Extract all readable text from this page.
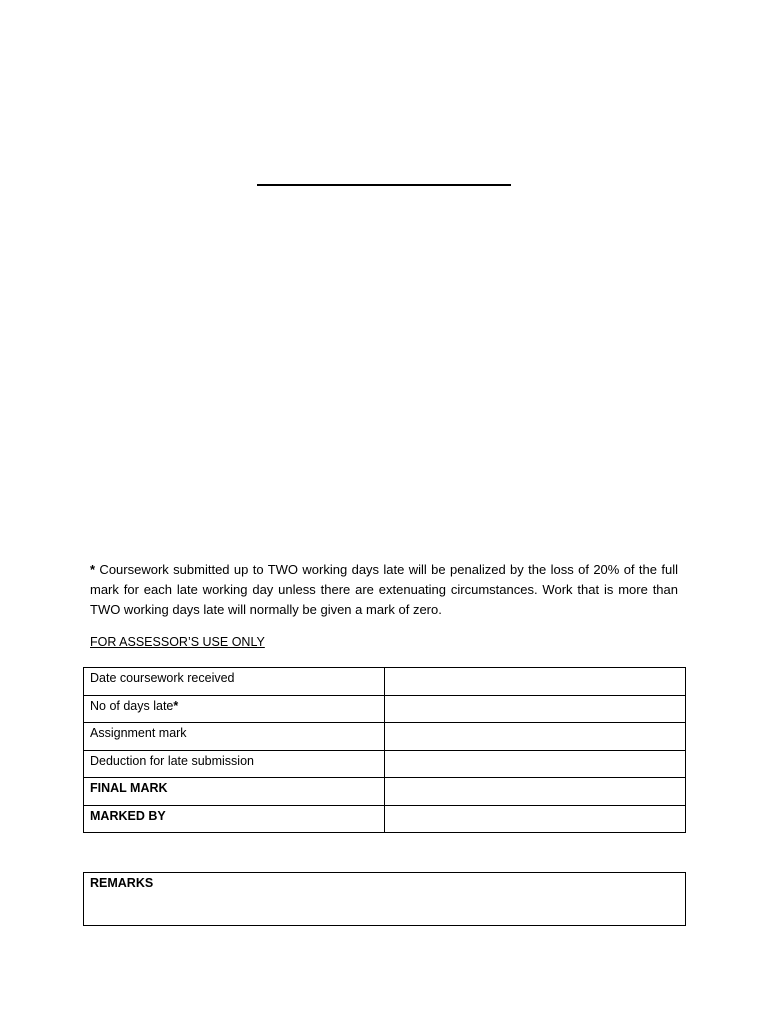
* Coursework submitted up to TWO working days late will be penalized by the loss of 20% of the full mark for each late working day unless there are extenuating circumstances. Work that is more than TWO working days late will normally be given a mark of zero.

FOR ASSESSOR’S USE ONLY

Date coursework received	
No of days late*	
Assignment mark	
Deduction for late submission	
FINAL MARK	
MARKED BY	
REMARKS
